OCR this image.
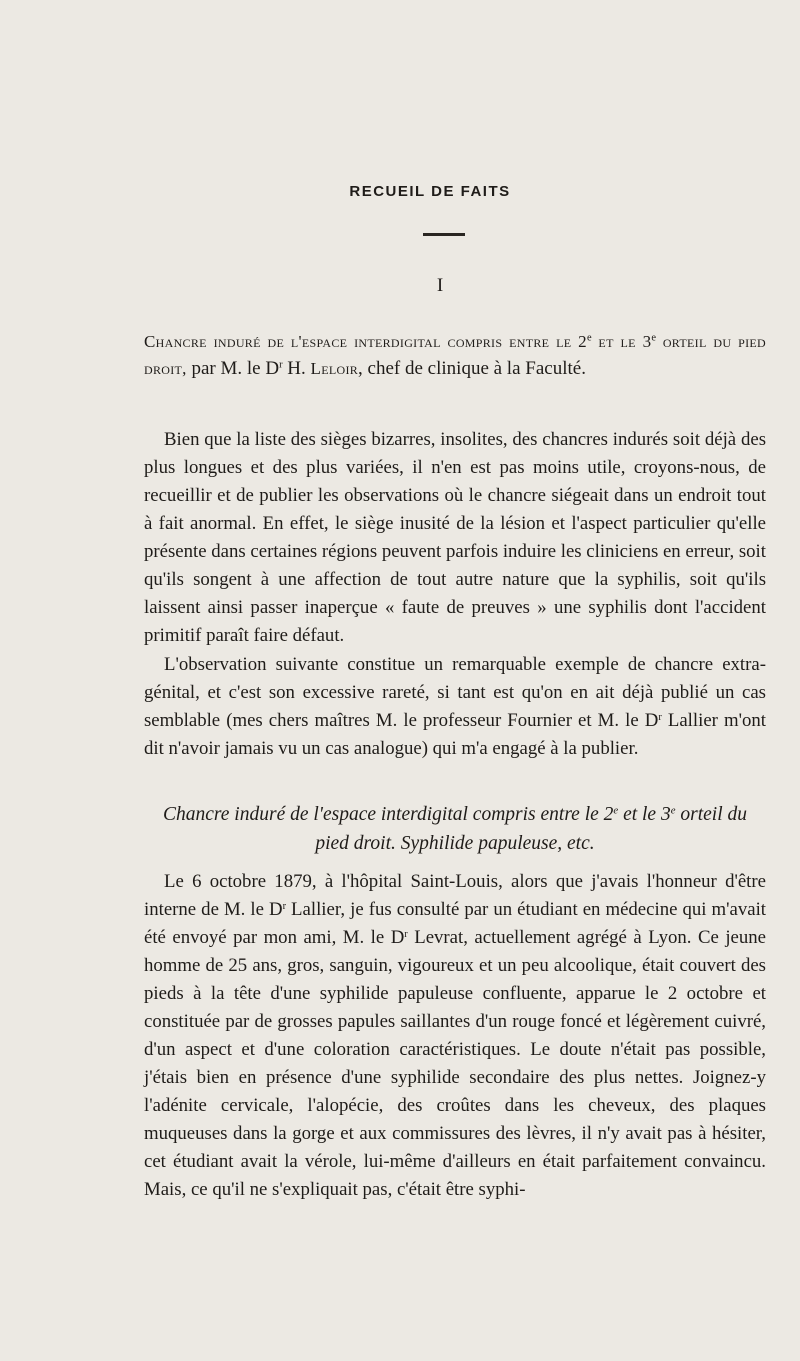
RECUEIL DE FAITS
I
Chancre induré de l'espace interdigital compris entre le 2e et le 3e orteil du pied droit, par M. le $D^r$ H. Leloir, chef de clinique à la Faculté.

Bien que la liste des sièges bizarres, insolites, des chancres indurés soit déjà des plus longues et des plus variées, il n'en est pas moins utile, croyons-nous, de recueillir et de publier les observations où le chancre siégeait dans un endroit tout à fait anormal. En effet, le siège inusité de la lésion et l'aspect particulier qu'elle présente dans certaines régions peuvent parfois induire les cliniciens en erreur, soit qu'ils songent à une affection de tout autre nature que la syphilis, soit qu'ils laissent ainsi passer inaperçue « faute de preuves » une syphilis dont l'accident primitif paraît faire défaut.

L'observation suivante constitue un remarquable exemple de chancre extra-génital, et c'est son excessive rareté, si tant est qu'on en ait déjà publié un cas semblable (mes chers maîtres M. le professeur Fournier et M. le $D^r$ Lallier m'ont dit n'avoir jamais vu un cas analogue) qui m'a engagé à la publier.

Chancre induré de l'espace interdigital compris entre le 2e et le 3e orteil du pied droit. Syphilide papuleuse, etc.

Le 6 octobre 1879, à l'hôpital Saint-Louis, alors que j'avais l'honneur d'être interne de M. le $D^r$ Lallier, je fus consulté par un étudiant en médecine qui m'avait été envoyé par mon ami, M. le $D^r$ Levrat, actuellement agrégé à Lyon. Ce jeune homme de 25 ans, gros, sanguin, vigoureux et un peu alcoolique, était couvert des pieds à la tête d'une syphilide papuleuse confluente, apparue le 2 octobre et constituée par de grosses papules saillantes d'un rouge foncé et légèrement cuivré, d'un aspect et d'une coloration caractéristiques. Le doute n'était pas possible, j'étais bien en présence d'une syphilide secondaire des plus nettes. Joignez-y l'adénite cervicale, l'alopécie, des croûtes dans les cheveux, des plaques muqueuses dans la gorge et aux commissures des lèvres, il n'y avait pas à hésiter, cet étudiant avait la vérole, lui-même d'ailleurs en était parfaitement convaincu. Mais, ce qu'il ne s'expliquait pas, c'était être syphi-
